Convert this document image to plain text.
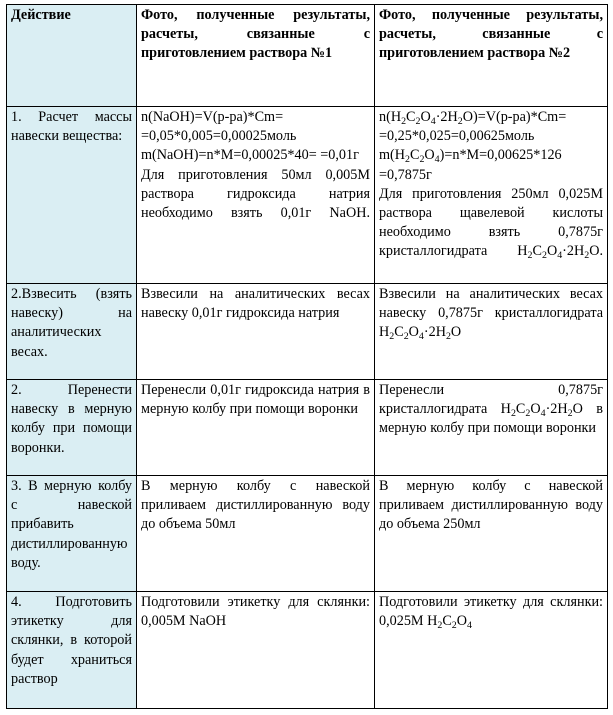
Действие	Фото, полученные результаты, расчеты, связанные с приготовлением раствора №1	Фото, полученные результаты, расчеты, связанные с приготовлением раствора №2
1. Расчет массы навески вещества:	n(NaOH)=V(р-ра)*Cm= =0,05*0,005=0,00025моль
m(NaOH)=n*M=0,00025*40= =0,01г
Для приготовления 50мл 0,005М раствора гидроксида натрия необходимо взять 0,01г NaOH.	$n(H_2C_2O_4\cdot 2H_2O)=V(р-ра)*Cm=$ =0,25*0,025=0,00625моль
$m(H_2C_2O_4)=n*M=0,00625*126 =0,7875г$
Для приготовления 250мл 0,025М раствора щавелевой кислоты необходимо взять 0,7875г кристаллогидрата $H_2C_2O_4\cdot 2H_2O$.

2.Взвесить (взять навеску) на аналитических весах.	Взвесили на аналитических весах навеску 0,01г гидроксида натрия	Взвесили на аналитических весах навеску 0,7875г кристаллогидрата $H_2C_2O_4\cdot 2H_2O$
2. Перенести навеску в мерную колбу при помощи воронки.	Перенесли 0,01г гидроксида натрия в мерную колбу при помощи воронки	Перенесли 0,7875г кристаллогидрата $H_2C_2O_4\cdot 2H_2O$ в мерную колбу при помощи воронки
3. В мерную колбу с навеской прибавить дистиллированную воду.	В мерную колбу с навеской приливаем дистиллированную воду до объема 50мл	В мерную колбу с навеской приливаем дистиллированную воду до объема 250мл
4. Подготовить этикетку для склянки, в которой будет храниться раствор	Подготовили этикетку для склянки: 0,005М NaOH	Подготовили этикетку для склянки: 0,025М $H_2C_2O_4$
